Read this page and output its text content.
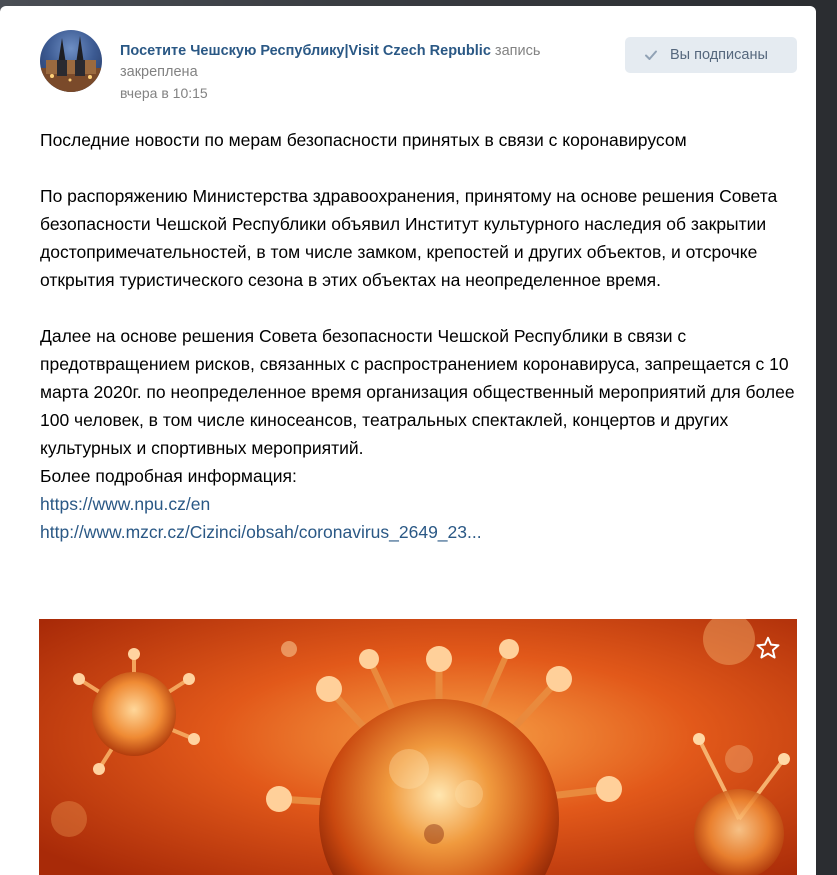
Посетите Чешскую Республику|Visit Czech Republic запись закреплена
вчера в 10:15
Вы подписаны

Последние новости по мерам безопасности принятых в связи с коронавирусом

По распоряжению Министерства здравоохранения, принятому на основе решения Совета безопасности Чешской Республики объявил Институт культурного наследия об закрытии достопримечательностей, в том числе замком, крепостей и других объектов, и отсрочке открытия туристического сезона в этих объектах на неопределенное время.

Далее на основе решения Совета безопасности Чешской Республики в связи с предотвращением рисков, связанных с распространением коронавируса, запрещается с 10 марта 2020г. по неопределенное время организация общественный мероприятий для более 100 человек, в том числе киносеансов, театральных спектаклей, концертов и других культурных и спортивных мероприятий.

Более подробная информация:

https://www.npu.cz/en
http://www.mzcr.cz/Cizinci/obsah/coronavirus_2649_23...
